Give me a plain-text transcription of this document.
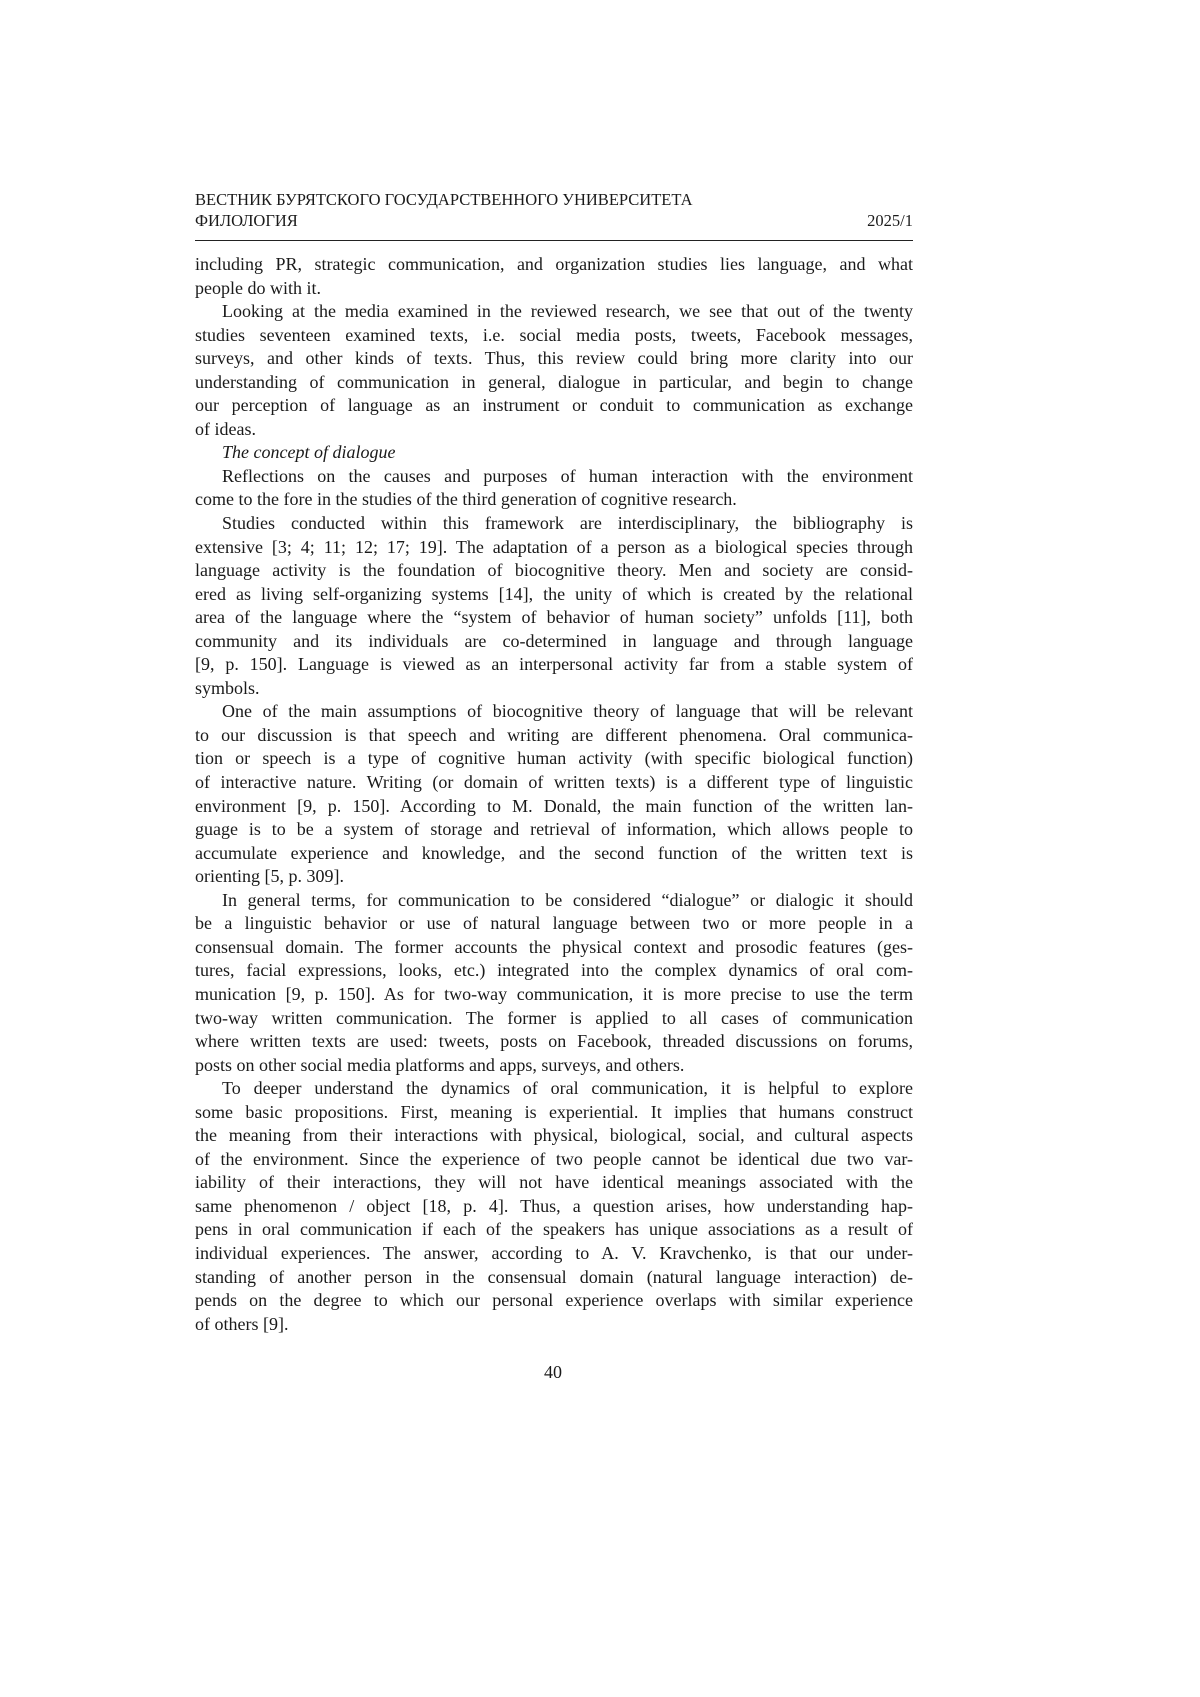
ВЕСТНИК БУРЯТСКОГО ГОСУДАРСТВЕННОГО УНИВЕРСИТЕТА
ФИЛОЛОГИЯ	2025/1
including PR, strategic communication, and organization studies lies language, and what
people do with it.
Looking at the media examined in the reviewed research, we see that out of the twenty
studies seventeen examined texts, i.e. social media posts, tweets, Facebook messages,
surveys, and other kinds of texts. Thus, this review could bring more clarity into our
understanding of communication in general, dialogue in particular, and begin to change
our perception of language as an instrument or conduit to communication as exchange
of ideas.
The concept of dialogue
Reflections on the causes and purposes of human interaction with the environment
come to the fore in the studies of the third generation of cognitive research.
Studies conducted within this framework are interdisciplinary, the bibliography is
extensive [3; 4; 11; 12; 17; 19]. The adaptation of a person as a biological species through
language activity is the foundation of biocognitive theory. Men and society are consid-
ered as living self-organizing systems [14], the unity of which is created by the relational
area of the language where the “system of behavior of human society” unfolds [11], both
community and its individuals are co-determined in language and through language
[9, p. 150]. Language is viewed as an interpersonal activity far from a stable system of
symbols.
One of the main assumptions of biocognitive theory of language that will be relevant
to our discussion is that speech and writing are different phenomena. Oral communica-
tion or speech is a type of cognitive human activity (with specific biological function)
of interactive nature. Writing (or domain of written texts) is a different type of linguistic
environment [9, p. 150]. According to M. Donald, the main function of the written lan-
guage is to be a system of storage and retrieval of information, which allows people to
accumulate experience and knowledge, and the second function of the written text is
orienting [5, p. 309].
In general terms, for communication to be considered “dialogue” or dialogic it should
be a linguistic behavior or use of natural language between two or more people in a
consensual domain. The former accounts the physical context and prosodic features (ges-
tures, facial expressions, looks, etc.) integrated into the complex dynamics of oral com-
munication [9, p. 150]. As for two-way communication, it is more precise to use the term
two-way written communication. The former is applied to all cases of communication
where written texts are used: tweets, posts on Facebook, threaded discussions on forums,
posts on other social media platforms and apps, surveys, and others.
To deeper understand the dynamics of oral communication, it is helpful to explore
some basic propositions. First, meaning is experiential. It implies that humans construct
the meaning from their interactions with physical, biological, social, and cultural aspects
of the environment. Since the experience of two people cannot be identical due two var-
iability of their interactions, they will not have identical meanings associated with the
same phenomenon / object [18, p. 4]. Thus, a question arises, how understanding hap-
pens in oral communication if each of the speakers has unique associations as a result of
individual experiences. The answer, according to A. V. Kravchenko, is that our under-
standing of another person in the consensual domain (natural language interaction) de-
pends on the degree to which our personal experience overlaps with similar experience
of others [9].
40
